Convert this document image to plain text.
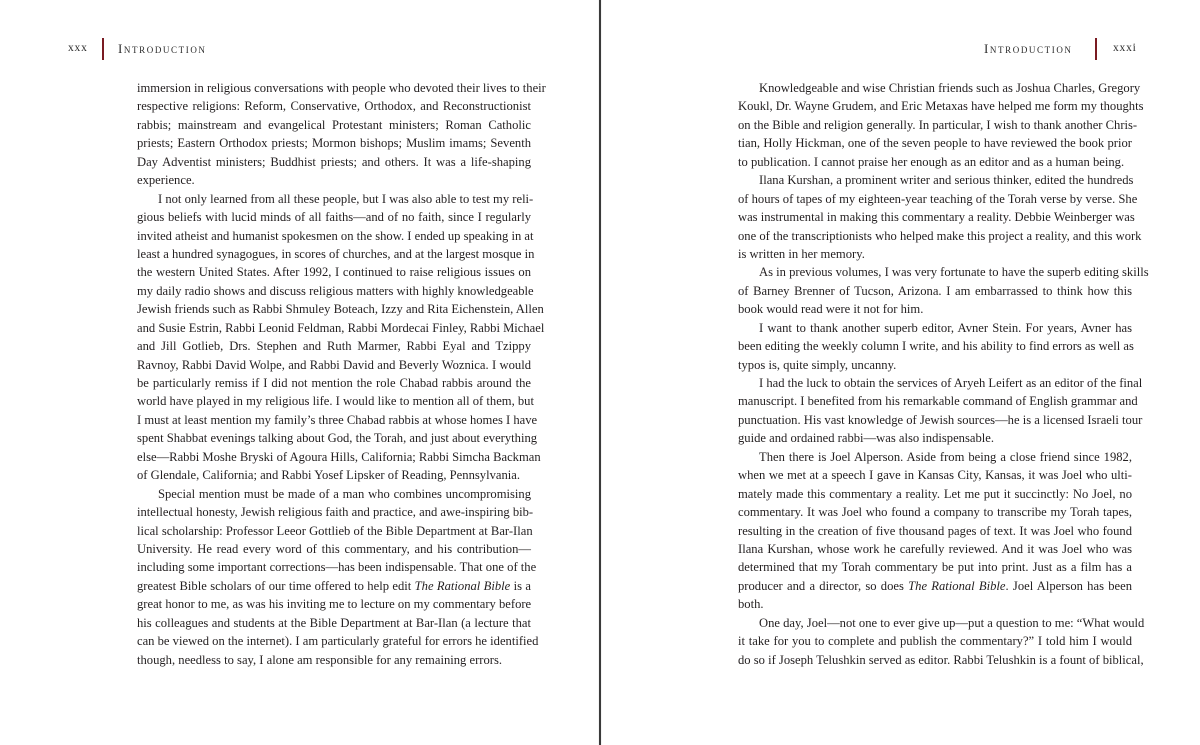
xxx Introduction
immersion in religious conversations with people who devoted their lives to their
respective religions: Reform, Conservative, Orthodox, and Reconstructionist
rabbis; mainstream and evangelical Protestant ministers; Roman Catholic
priests; Eastern Orthodox priests; Mormon bishops; Muslim imams; Seventh
Day Adventist ministers; Buddhist priests; and others. It was a life-shaping
experience.
I not only learned from all these people, but I was also able to test my reli-
gious beliefs with lucid minds of all faiths—and of no faith, since I regularly
invited atheist and humanist spokesmen on the show. I ended up speaking in at
least a hundred synagogues, in scores of churches, and at the largest mosque in
the western United States. After 1992, I continued to raise religious issues on
my daily radio shows and discuss religious matters with highly knowledgeable
Jewish friends such as Rabbi Shmuley Boteach, Izzy and Rita Eichenstein, Allen
and Susie Estrin, Rabbi Leonid Feldman, Rabbi Mordecai Finley, Rabbi Michael
and Jill Gotlieb, Drs. Stephen and Ruth Marmer, Rabbi Eyal and Tzippy
Ravnoy, Rabbi David Wolpe, and Rabbi David and Beverly Woznica. I would
be particularly remiss if I did not mention the role Chabad rabbis around the
world have played in my religious life. I would like to mention all of them, but
I must at least mention my family’s three Chabad rabbis at whose homes I have
spent Shabbat evenings talking about God, the Torah, and just about everything
else—Rabbi Moshe Bryski of Agoura Hills, California; Rabbi Simcha Backman
of Glendale, California; and Rabbi Yosef Lipsker of Reading, Pennsylvania.
Special mention must be made of a man who combines uncompromising
intellectual honesty, Jewish religious faith and practice, and awe-inspiring bib-
lical scholarship: Professor Leeor Gottlieb of the Bible Department at Bar-Ilan
University. He read every word of this commentary, and his contribution—
including some important corrections—has been indispensable. That one of the
greatest Bible scholars of our time offered to help edit The Rational Bible is a
great honor to me, as was his inviting me to lecture on my commentary before
his colleagues and students at the Bible Department at Bar-Ilan (a lecture that
can be viewed on the internet). I am particularly grateful for errors he identified
though, needless to say, I alone am responsible for any remaining errors.
Introduction	xxxi
Knowledgeable and wise Christian friends such as Joshua Charles, Gregory
Koukl, Dr. Wayne Grudem, and Eric Metaxas have helped me form my thoughts
on the Bible and religion generally. In particular, I wish to thank another Chris-
tian, Holly Hickman, one of the seven people to have reviewed the book prior
to publication. I cannot praise her enough as an editor and as a human being.
Ilana Kurshan, a prominent writer and serious thinker, edited the hundreds
of hours of tapes of my eighteen-year teaching of the Torah verse by verse. She
was instrumental in making this commentary a reality. Debbie Weinberger was
one of the transcriptionists who helped make this project a reality, and this work
is written in her memory.
As in previous volumes, I was very fortunate to have the superb editing skills
of Barney Brenner of Tucson, Arizona. I am embarrassed to think how this
book would read were it not for him.
I want to thank another superb editor, Avner Stein. For years, Avner has
been editing the weekly column I write, and his ability to find errors as well as
typos is, quite simply, uncanny.
I had the luck to obtain the services of Aryeh Leifert as an editor of the final
manuscript. I benefited from his remarkable command of English grammar and
punctuation. His vast knowledge of Jewish sources—he is a licensed Israeli tour
guide and ordained rabbi—was also indispensable.
Then there is Joel Alperson. Aside from being a close friend since 1982,
when we met at a speech I gave in Kansas City, Kansas, it was Joel who ulti-
mately made this commentary a reality. Let me put it succinctly: No Joel, no
commentary. It was Joel who found a company to transcribe my Torah tapes,
resulting in the creation of five thousand pages of text. It was Joel who found
Ilana Kurshan, whose work he carefully reviewed. And it was Joel who was
determined that my Torah commentary be put into print. Just as a film has a
producer and a director, so does The Rational Bible. Joel Alperson has been
both.
One day, Joel—not one to ever give up—put a question to me: “What would
it take for you to complete and publish the commentary?” I told him I would
do so if Joseph Telushkin served as editor. Rabbi Telushkin is a fount of biblical,
